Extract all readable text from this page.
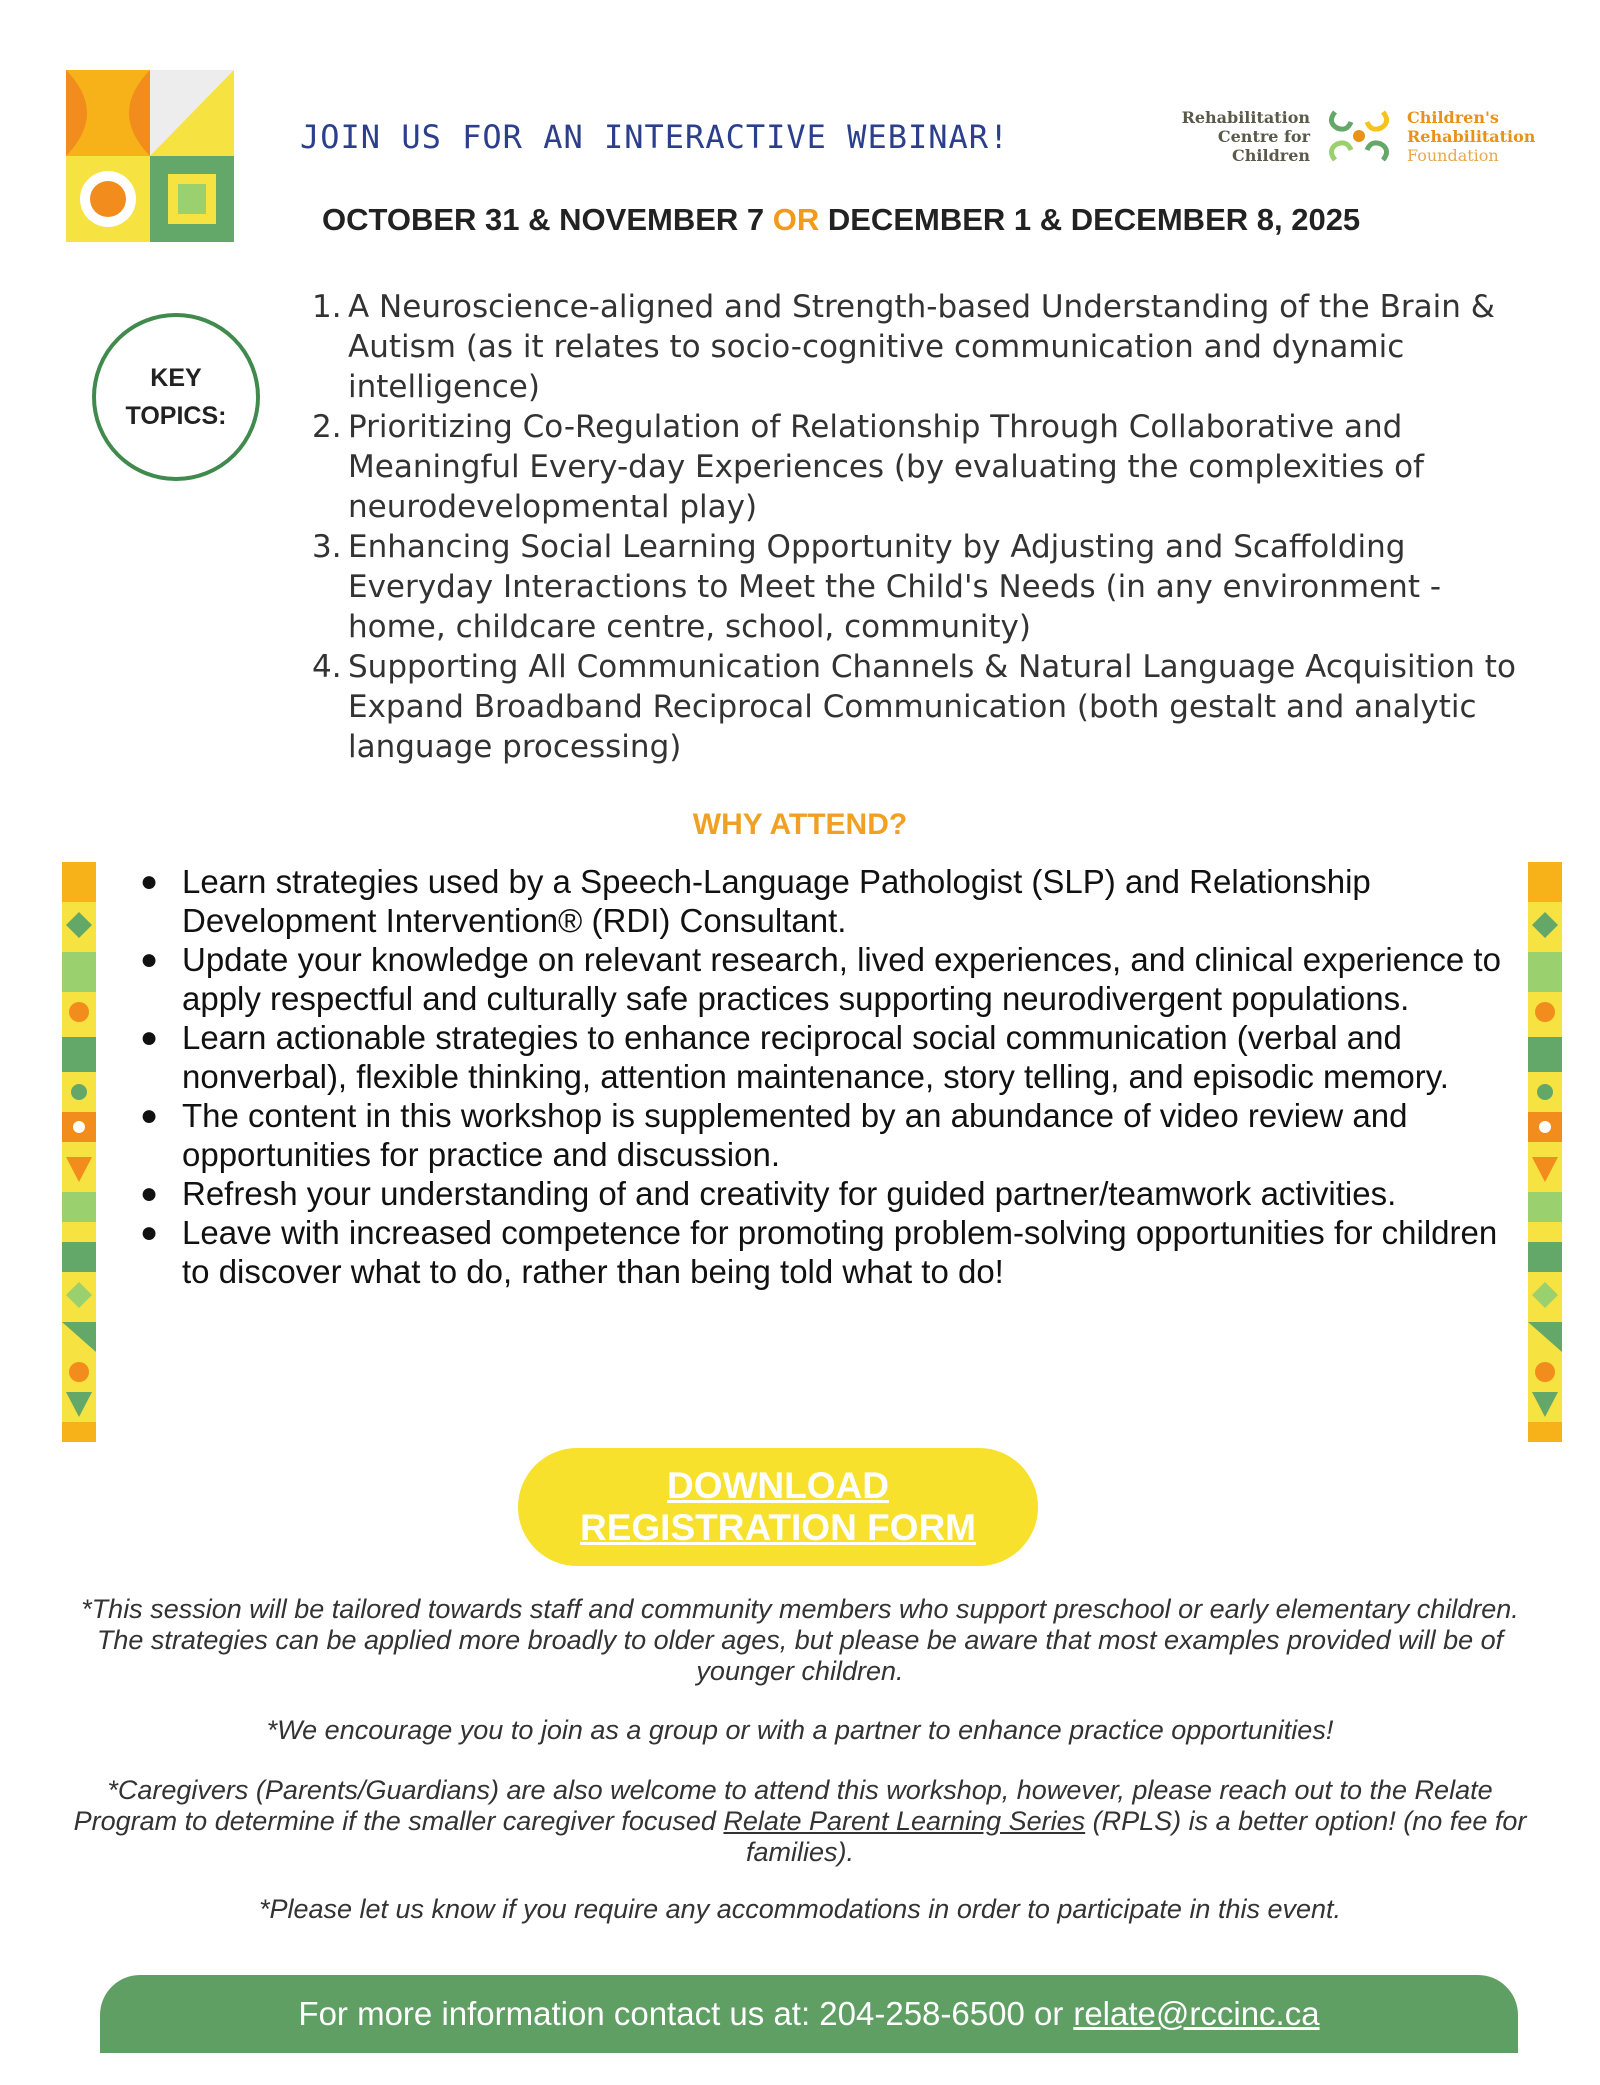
JOIN US FOR AN INTERACTIVE WEBINAR!
Rehabilitation
Centre for
Children
Children's
Rehabilitation
Foundation
OCTOBER 31 & NOVEMBER 7 OR DECEMBER 1 & DECEMBER 8, 2025
KEY
TOPICS:
1. A Neuroscience-aligned and Strength-based Understanding of the Brain & Autism (as it relates to socio-cognitive communication and dynamic intelligence)
2. Prioritizing Co-Regulation of Relationship Through Collaborative and Meaningful Every-day Experiences (by evaluating the complexities of neurodevelopmental play)
3. Enhancing Social Learning Opportunity by Adjusting and Scaffolding Everyday Interactions to Meet the Child's Needs (in any environment - home, childcare centre, school, community)
4. Supporting All Communication Channels & Natural Language Acquisition to Expand Broadband Reciprocal Communication (both gestalt and analytic language processing)
WHY ATTEND?
● Learn strategies used by a Speech-Language Pathologist (SLP) and Relationship Development Intervention® (RDI) Consultant.
● Update your knowledge on relevant research, lived experiences, and clinical experience to apply respectful and culturally safe practices supporting neurodivergent populations.
● Learn actionable strategies to enhance reciprocal social communication (verbal and nonverbal), flexible thinking, attention maintenance, story telling, and episodic memory.
● The content in this workshop is supplemented by an abundance of video review and opportunities for practice and discussion.
● Refresh your understanding of and creativity for guided partner/teamwork activities.
● Leave with increased competence for promoting problem-solving opportunities for children to discover what to do, rather than being told what to do!
DOWNLOAD
REGISTRATION FORM
*This session will be tailored towards staff and community members who support preschool or early elementary children. The strategies can be applied more broadly to older ages, but please be aware that most examples provided will be of younger children.
*We encourage you to join as a group or with a partner to enhance practice opportunities!
*Caregivers (Parents/Guardians) are also welcome to attend this workshop, however, please reach out to the Relate Program to determine if the smaller caregiver focused Relate Parent Learning Series (RPLS) is a better option! (no fee for families).
*Please let us know if you require any accommodations in order to participate in this event.
For more information contact us at: 204-258-6500 or relate@rccinc.ca
